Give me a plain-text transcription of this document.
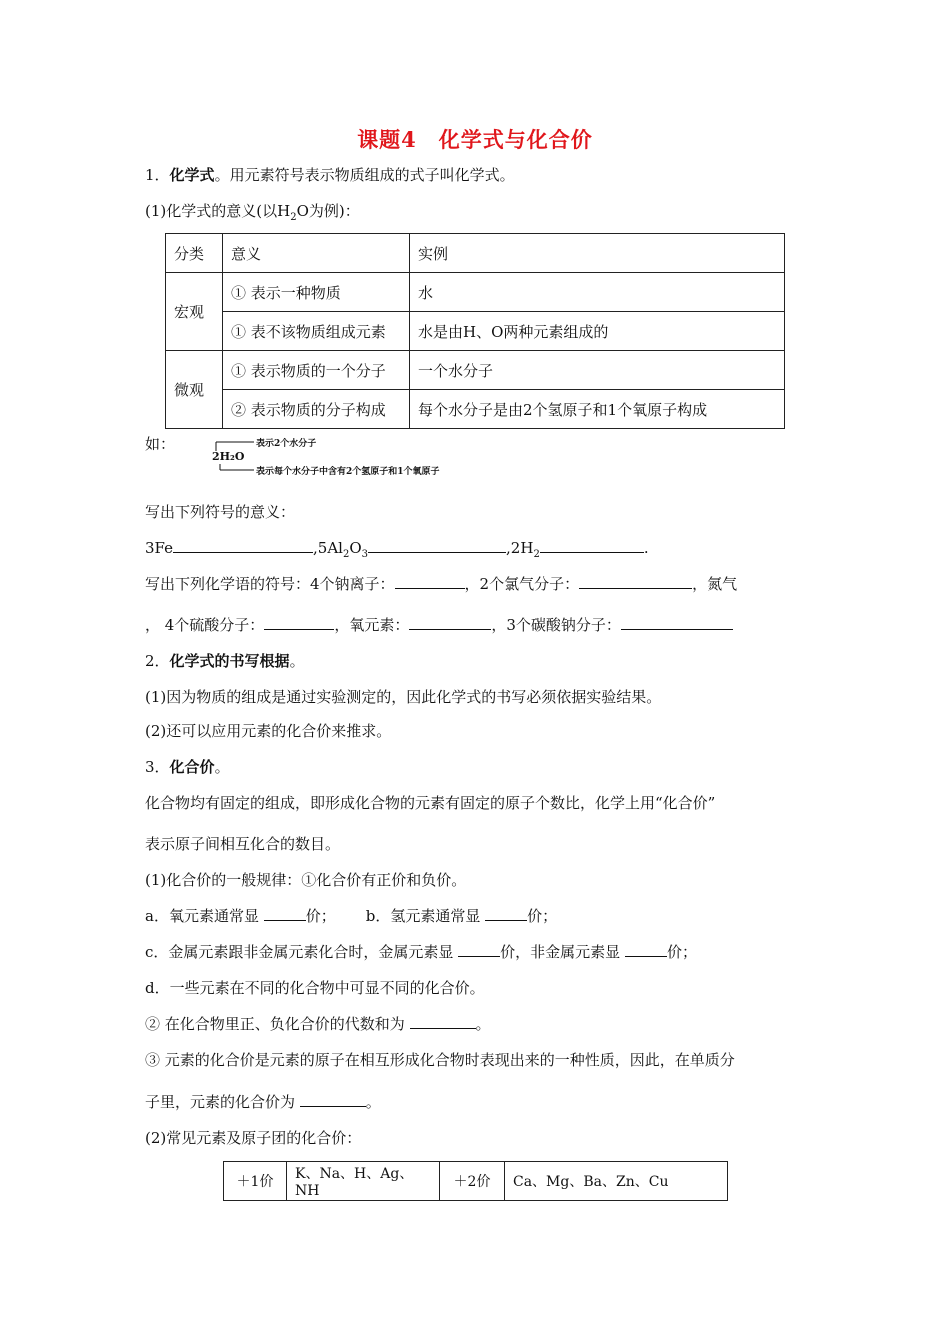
课题4　化学式与化合价
1．化学式。用元素符号表示物质组成的式子叫化学式。
(1)化学式的意义(以$H_2O$为例)：
分类	意义	实例
宏观	① 表示一种物质	水
	① 表不该物质组成元素	水是由H、O两种元素组成的
微观	① 表示物质的一个分子	一个水分子
	② 表示物质的分子构成	每个水分子是由2个氢原子和1个氧原子构成
如：
2H₂O
表示2个水分子
表示每个水分子中含有2个氢原子和1个氧原子
写出下列符号的意义：
3Fe	$,5Al_2O_3$	$,2H_2$	.
写出下列化学语的符号：4个钠离子：	，2个氯气分子：	，氮气
， 4个硫酸分子：	，氧元素：	，3个碳酸钠分子：
2．化学式的书写根据。
(1)因为物质的组成是通过实验测定的，因此化学式的书写必须依据实验结果。
(2)还可以应用元素的化合价来推求。
3．化合价。
化合物均有固定的组成，即形成化合物的元素有固定的原子个数比，化学上用“化合价”
表示原子间相互化合的数目。
(1)化合价的一般规律：①化合价有正价和负价。
a．氧元素通常显	价； b．氢元素通常显	价；
c．金属元素跟非金属元素化合时，金属元素显	价，非金属元素显	价；
d．一些元素在不同的化合物中可显不同的化合价。
② 在化合物里正、负化合价的代数和为	。
③ 元素的化合价是元素的原子在相互形成化合物时表现出来的一种性质，因此，在单质分
子里，元素的化合价为	。
(2)常见元素及原子团的化合价：
＋1价	K、Na、H、Ag、NH	＋2价	Ca、Mg、Ba、Zn、Cu
